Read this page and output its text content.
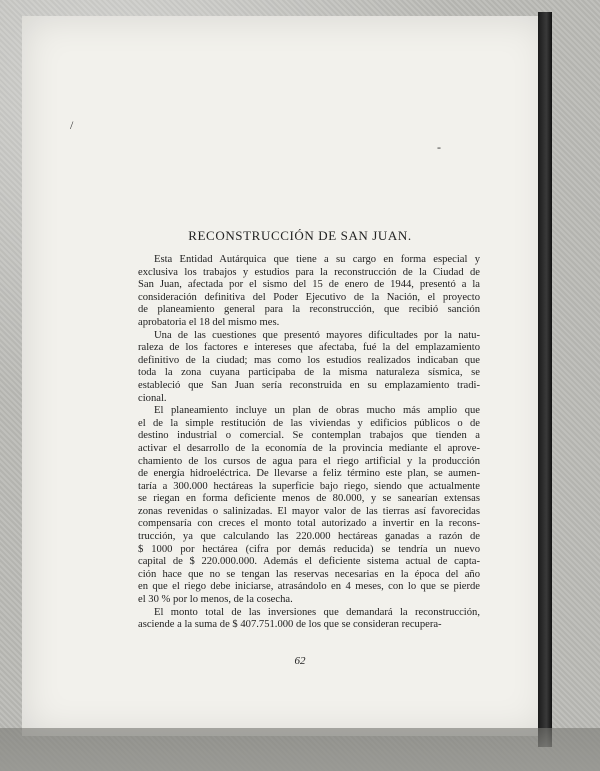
/
-
RECONSTRUCCIÓN DE SAN JUAN.
Esta Entidad Autárquica que tiene a su cargo en forma especial y
exclusiva los trabajos y estudios para la reconstrucción de la Ciudad de
San Juan, afectada por el sismo del 15 de enero de 1944, presentó a la
consideración definitiva del Poder Ejecutivo de la Nación, el proyecto
de planeamiento general para la reconstrucción, que recibió sanción
aprobatoria el 18 del mismo mes.
Una de las cuestiones que presentó mayores dificultades por la natu-
raleza de los factores e intereses que afectaba, fué la del emplazamiento
definitivo de la ciudad; mas como los estudios realizados indicaban que
toda la zona cuyana participaba de la misma naturaleza sísmica, se
estableció que San Juan sería reconstruida en su emplazamiento tradi-
cional.
El planeamiento incluye un plan de obras mucho más amplio que
el de la simple restitución de las viviendas y edificios públicos o de
destino industrial o comercial. Se contemplan trabajos que tienden a
activar el desarrollo de la economía de la provincia mediante el aprove-
chamiento de los cursos de agua para el riego artificial y la producción
de energía hidroeléctrica. De llevarse a feliz término este plan, se aumen-
taría a 300.000 hectáreas la superficie bajo riego, siendo que actualmente
se riegan en forma deficiente menos de 80.000, y se sanearían extensas
zonas revenidas o salinizadas. El mayor valor de las tierras así favorecidas
compensaría con creces el monto total autorizado a invertir en la recons-
trucción, ya que calculando las 220.000 hectáreas ganadas a razón de
$ 1000 por hectárea (cifra por demás reducida) se tendría un nuevo
capital de $ 220.000.000. Además el deficiente sistema actual de capta-
ción hace que no se tengan las reservas necesarias en la época del año
en que el riego debe iniciarse, atrasándolo en 4 meses, con lo que se pierde
el 30 % por lo menos, de la cosecha.
El monto total de las inversiones que demandará la reconstrucción,
asciende a la suma de $ 407.751.000 de los que se consideran recupera-
62
